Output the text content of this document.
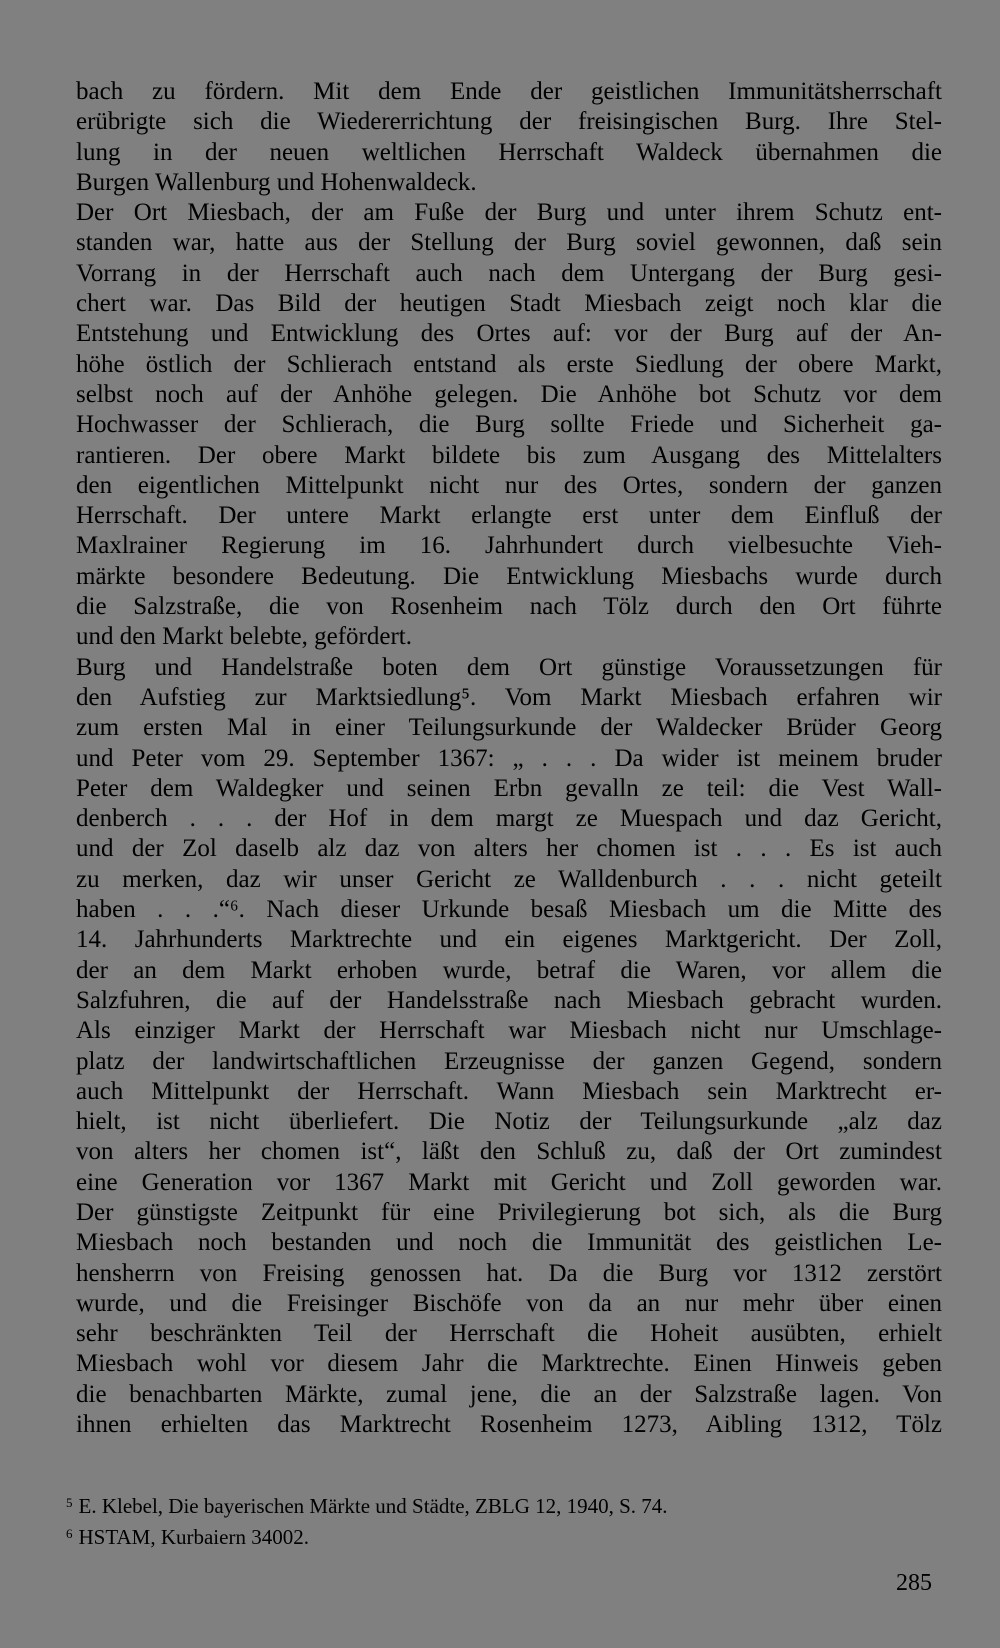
bach zu fördern. Mit dem Ende der geistlichen Immunitätsherrschaft
erübrigte sich die Wiedererrichtung der freisingischen Burg. Ihre Stel-
lung in der neuen weltlichen Herrschaft Waldeck übernahmen die
Burgen Wallenburg und Hohenwaldeck.
Der Ort Miesbach, der am Fuße der Burg und unter ihrem Schutz ent-
standen war, hatte aus der Stellung der Burg soviel gewonnen, daß sein
Vorrang in der Herrschaft auch nach dem Untergang der Burg gesi-
chert war. Das Bild der heutigen Stadt Miesbach zeigt noch klar die
Entstehung und Entwicklung des Ortes auf: vor der Burg auf der An-
höhe östlich der Schlierach entstand als erste Siedlung der obere Markt,
selbst noch auf der Anhöhe gelegen. Die Anhöhe bot Schutz vor dem
Hochwasser der Schlierach, die Burg sollte Friede und Sicherheit ga-
rantieren. Der obere Markt bildete bis zum Ausgang des Mittelalters
den eigentlichen Mittelpunkt nicht nur des Ortes, sondern der ganzen
Herrschaft. Der untere Markt erlangte erst unter dem Einfluß der
Maxlrainer Regierung im 16. Jahrhundert durch vielbesuchte Vieh-
märkte besondere Bedeutung. Die Entwicklung Miesbachs wurde durch
die Salzstraße, die von Rosenheim nach Tölz durch den Ort führte
und den Markt belebte, gefördert.
Burg und Handelstraße boten dem Ort günstige Voraussetzungen für
den Aufstieg zur Marktsiedlung⁵. Vom Markt Miesbach erfahren wir
zum ersten Mal in einer Teilungsurkunde der Waldecker Brüder Georg
und Peter vom 29. September 1367: „ . . . Da wider ist meinem bruder
Peter dem Waldegker und seinen Erbn gevalln ze teil: die Vest Wall-
denberch . . . der Hof in dem margt ze Muespach und daz Gericht,
und der Zol daselb alz daz von alters her chomen ist . . . Es ist auch
zu merken, daz wir unser Gericht ze Walldenburch . . . nicht geteilt
haben . . .“⁶. Nach dieser Urkunde besaß Miesbach um die Mitte des
14. Jahrhunderts Marktrechte und ein eigenes Marktgericht. Der Zoll,
der an dem Markt erhoben wurde, betraf die Waren, vor allem die
Salzfuhren, die auf der Handelsstraße nach Miesbach gebracht wurden.
Als einziger Markt der Herrschaft war Miesbach nicht nur Umschlage-
platz der landwirtschaftlichen Erzeugnisse der ganzen Gegend, sondern
auch Mittelpunkt der Herrschaft. Wann Miesbach sein Marktrecht er-
hielt, ist nicht überliefert. Die Notiz der Teilungsurkunde „alz daz
von alters her chomen ist“, läßt den Schluß zu, daß der Ort zumindest
eine Generation vor 1367 Markt mit Gericht und Zoll geworden war.
Der günstigste Zeitpunkt für eine Privilegierung bot sich, als die Burg
Miesbach noch bestanden und noch die Immunität des geistlichen Le-
hensherrn von Freising genossen hat. Da die Burg vor 1312 zerstört
wurde, und die Freisinger Bischöfe von da an nur mehr über einen
sehr beschränkten Teil der Herrschaft die Hoheit ausübten, erhielt
Miesbach wohl vor diesem Jahr die Marktrechte. Einen Hinweis geben
die benachbarten Märkte, zumal jene, die an der Salzstraße lagen. Von
ihnen erhielten das Marktrecht Rosenheim 1273, Aibling 1312, Tölz
$^5$ E. Klebel, Die bayerischen Märkte und Städte, ZBLG 12, 1940, S. 74.
$^6$ HSTAM, Kurbaiern 34002.
285
